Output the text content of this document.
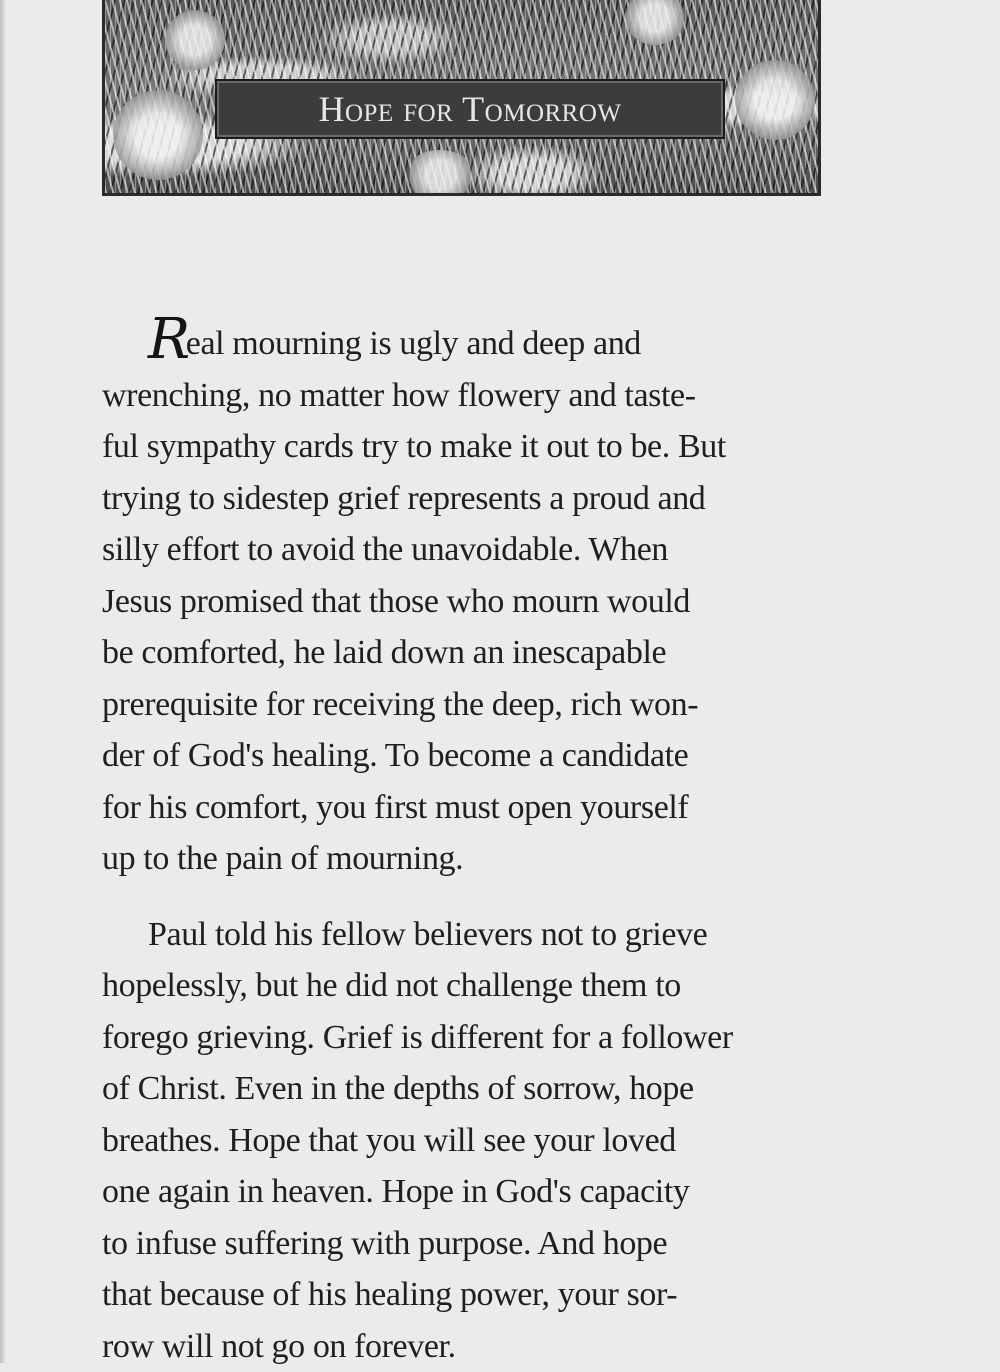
Hope for Tomorrow
Real mourning is ugly and deep and
wrenching, no matter how flowery and taste-
ful sympathy cards try to make it out to be. But
trying to sidestep grief represents a proud and
silly effort to avoid the unavoidable. When
Jesus promised that those who mourn would
be comforted, he laid down an inescapable
prerequisite for receiving the deep, rich won-
der of God's healing. To become a candidate
for his comfort, you first must open yourself
up to the pain of mourning.
Paul told his fellow believers not to grieve
hopelessly, but he did not challenge them to
forego grieving. Grief is different for a follower
of Christ. Even in the depths of sorrow, hope
breathes. Hope that you will see your loved
one again in heaven. Hope in God's capacity
to infuse suffering with purpose. And hope
that because of his healing power, your sor-
row will not go on forever.
